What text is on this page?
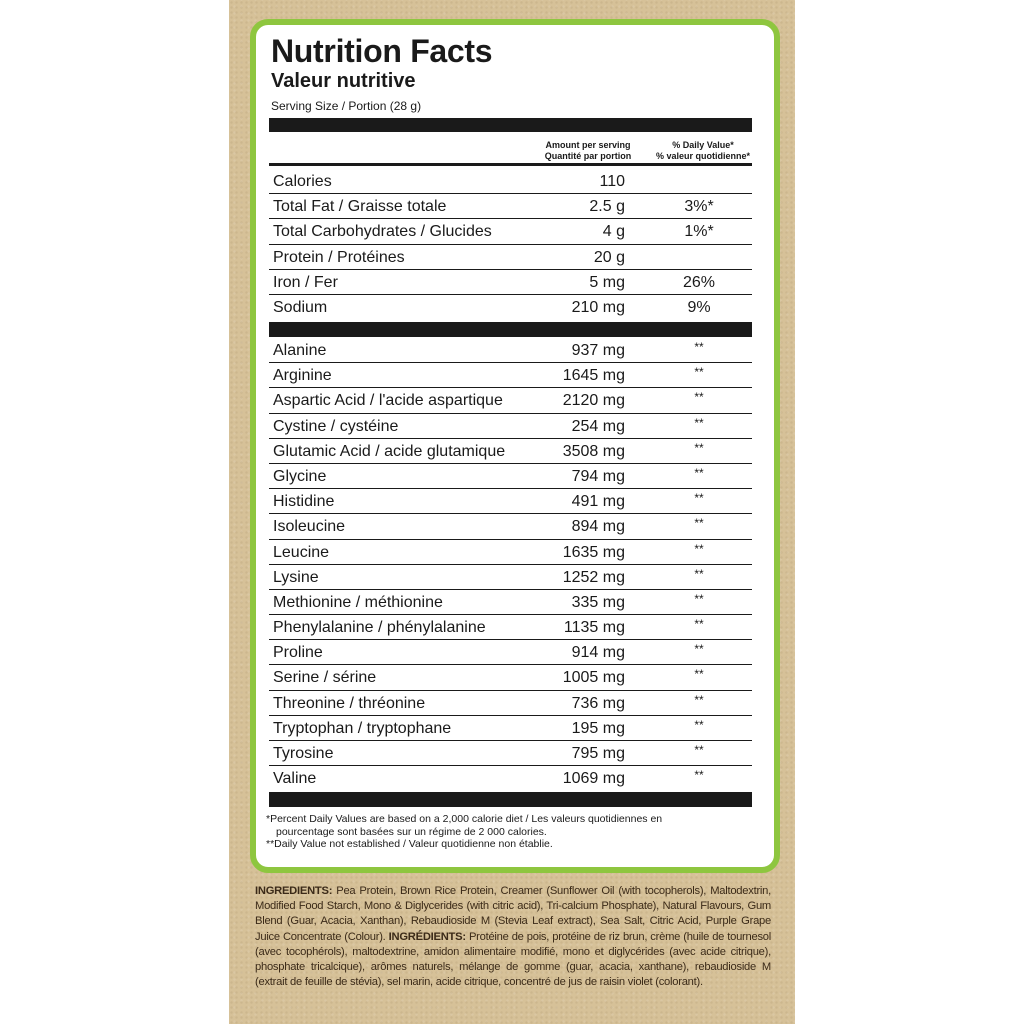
Nutrition Facts
Valeur nutritive
Serving Size / Portion (28 g)
Amount per serving
Quantité par portion
% Daily Value*
% valeur quotidienne*
Calories	110
Total Fat / Graisse totale	2.5 g	3%*
Total Carbohydrates / Glucides	4 g	1%*
Protein / Protéines	20 g
Iron / Fer	5 mg	26%
Sodium	210 mg	9%
Alanine	937 mg	**
Arginine	1645 mg	**
Aspartic Acid / l'acide aspartique	2120 mg	**
Cystine / cystéine	254 mg	**
Glutamic Acid / acide glutamique	3508 mg	**
Glycine	794 mg	**
Histidine	491 mg	**
Isoleucine	894 mg	**
Leucine	1635 mg	**
Lysine	1252 mg	**
Methionine / méthionine	335 mg	**
Phenylalanine / phénylalanine	1135 mg	**
Proline	914 mg	**
Serine / sérine	1005 mg	**
Threonine / thréonine	736 mg	**
Tryptophan / tryptophane	195 mg	**
Tyrosine	795 mg	**
Valine	1069 mg	**
*Percent Daily Values are based on a 2,000 calorie diet / Les valeurs quotidiennes en
pourcentage sont basées sur un régime de 2 000 calories.
**Daily Value not established / Valeur quotidienne non établie.
INGREDIENTS: Pea Protein, Brown Rice Protein, Creamer (Sunflower Oil (with tocopherols), Maltodextrin, Modified Food Starch, Mono & Diglycerides (with citric acid), Tri-calcium Phosphate), Natural Flavours, Gum Blend (Guar, Acacia, Xanthan), Rebaudioside M (Stevia Leaf extract), Sea Salt, Citric Acid, Purple Grape Juice Concentrate (Colour). INGRÉDIENTS: Protéine de pois, protéine de riz brun, crème (huile de tournesol (avec tocophérols), maltodextrine, amidon alimentaire modifié, mono et diglycérides (avec acide citrique), phosphate tricalcique), arômes naturels, mélange de gomme (guar, acacia, xanthane), rebaudioside M (extrait de feuille de stévia), sel marin, acide citrique, concentré de jus de raisin violet (colorant).
